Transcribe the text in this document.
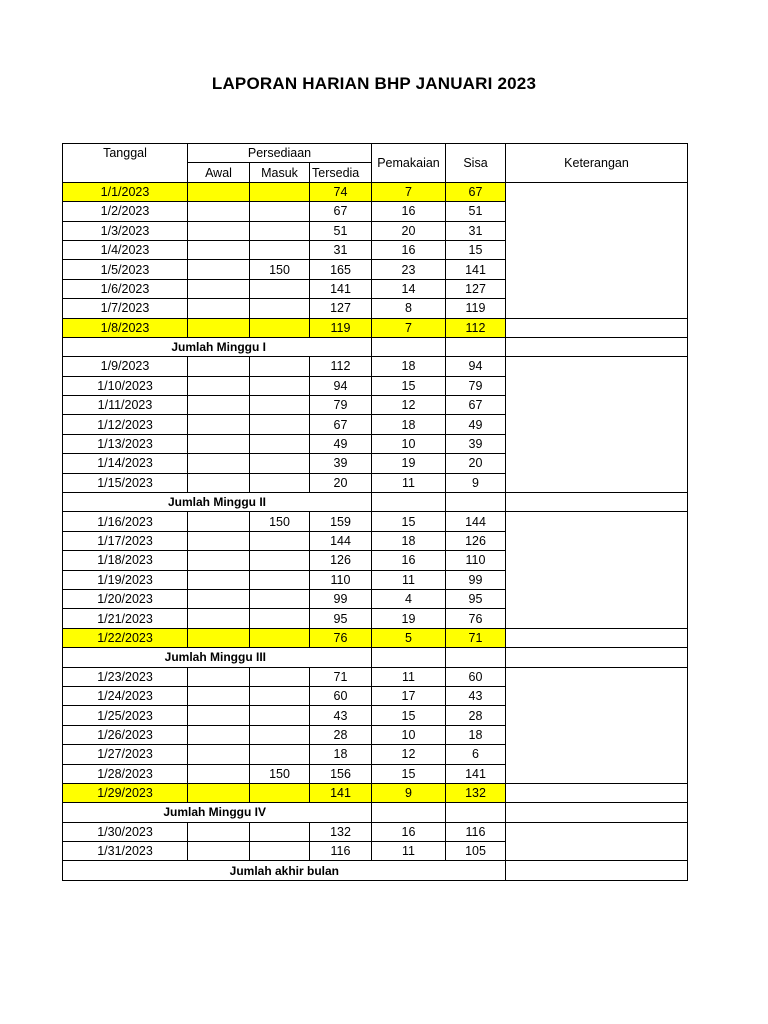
LAPORAN HARIAN BHP JANUARI 2023
Tanggal	Persediaan			Pemakaian	Sisa	Keterangan
	Awal	Masuk	Tersedia			
1/1/2023			74	7	67	
1/2/2023			67	16	51	
1/3/2023			51	20	31	
1/4/2023			31	16	15	
1/5/2023		150	165	23	141	
1/6/2023			141	14	127	
1/7/2023			127	8	119	
1/8/2023			119	7	112	
Jumlah Minggu I						
1/9/2023			112	18	94	
1/10/2023			94	15	79	
1/11/2023			79	12	67	
1/12/2023			67	18	49	
1/13/2023			49	10	39	
1/14/2023			39	19	20	
1/15/2023			20	11	9	
Jumlah Minggu II						
1/16/2023		150	159	15	144	
1/17/2023			144	18	126	
1/18/2023			126	16	110	
1/19/2023			110	11	99	
1/20/2023			99	4	95	
1/21/2023			95	19	76	
1/22/2023			76	5	71	
Jumlah Minggu III						
1/23/2023			71	11	60	
1/24/2023			60	17	43	
1/25/2023			43	15	28	
1/26/2023			28	10	18	
1/27/2023			18	12	6	
1/28/2023		150	156	15	141	
1/29/2023			141	9	132	
Jumlah Minggu IV						
1/30/2023			132	16	116	
1/31/2023			116	11	105	
Jumlah akhir bulan						
